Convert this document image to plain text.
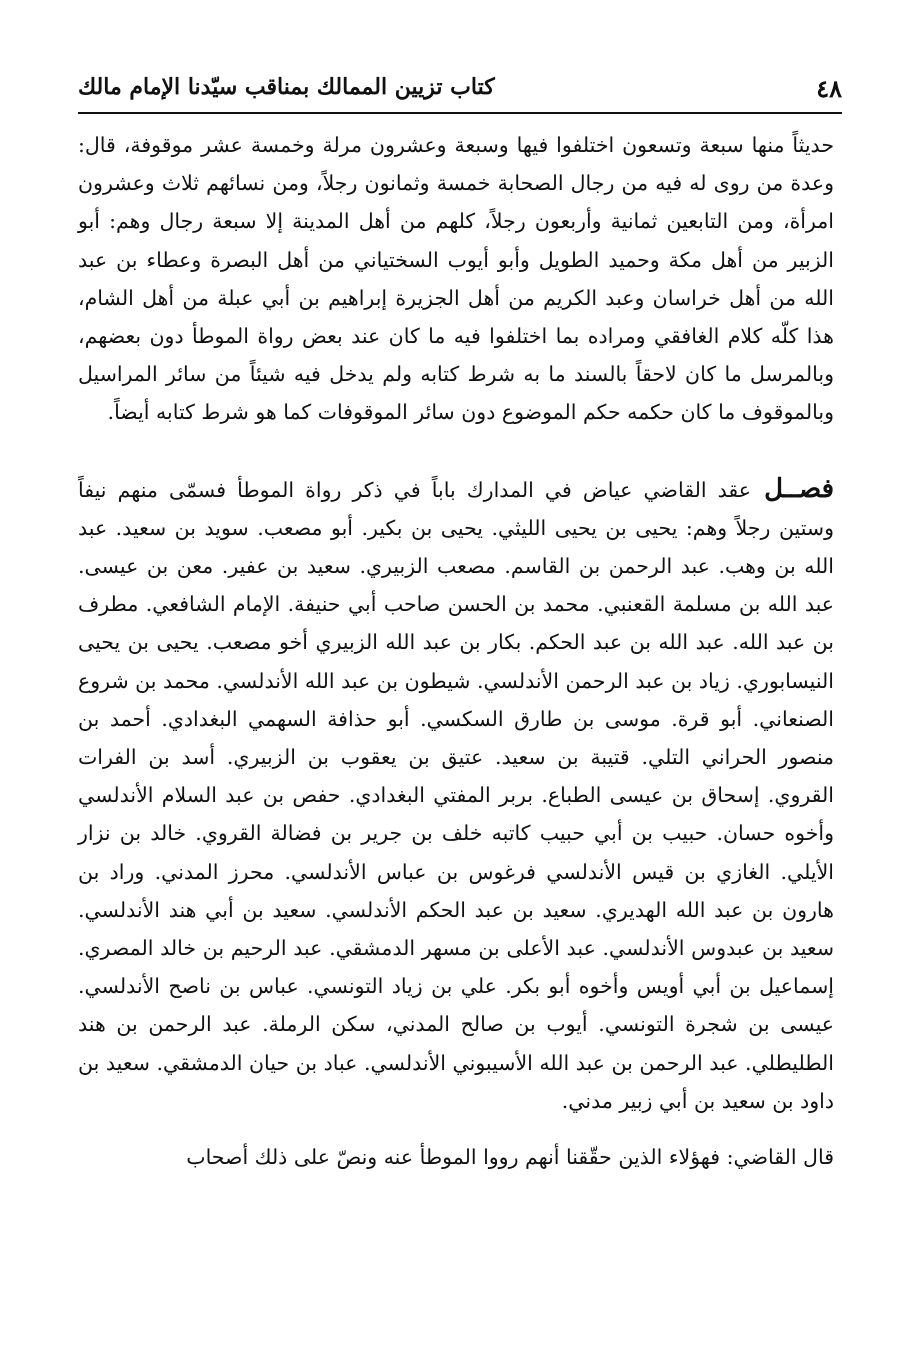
٤٨
كتاب تزيين الممالك بمناقب سيّدنا الإمام مالك

حديثاً منها سبعة وتسعون اختلفوا فيها وسبعة وعشرون مرلة وخمسة عشر موقوفة، قال: وعدة من روى له فيه من رجال الصحابة خمسة وثمانون رجلاً، ومن نسائهم ثلاث وعشرون امرأة، ومن التابعين ثمانية وأربعون رجلاً، كلهم من أهل المدينة إلا سبعة رجال وهم: أبو الزبير من أهل مكة وحميد الطويل وأبو أيوب السختياني من أهل البصرة وعطاء بن عبد الله من أهل خراسان وعبد الكريم من أهل الجزيرة إبراهيم بن أبي عبلة من أهل الشام، هذا كلّه كلام الغافقي ومراده بما اختلفوا فيه ما كان عند بعض رواة الموطأ دون بعضهم، وبالمرسل ما كان لاحقاً بالسند ما به شرط كتابه ولم يدخل فيه شيئاً من سائر المراسيل وبالموقوف ما كان حكمه حكم الموضوع دون سائر الموقوفات كما هو شرط كتابه أيضاً.

فصــل عقد القاضي عياض في المدارك باباً في ذكر رواة الموطأ فسمّى منهم نيفاً وستين رجلاً وهم: يحيى بن يحيى الليثي. يحيى بن بكير. أبو مصعب. سويد بن سعيد. عبد الله بن وهب. عبد الرحمن بن القاسم. مصعب الزبيري. سعيد بن عفير. معن بن عيسى. عبد الله بن مسلمة القعنبي. محمد بن الحسن صاحب أبي حنيفة. الإمام الشافعي. مطرف بن عبد الله. عبد الله بن عبد الحكم. بكار بن عبد الله الزبيري أخو مصعب. يحيى بن يحيى النيسابوري. زياد بن عبد الرحمن الأندلسي. شيطون بن عبد الله الأندلسي. محمد بن شروع الصنعاني. أبو قرة. موسى بن طارق السكسي. أبو حذافة السهمي البغدادي. أحمد بن منصور الحراني التلي. قتيبة بن سعيد. عتيق بن يعقوب بن الزبيري. أسد بن الفرات القروي. إسحاق بن عيسى الطباع. بربر المفتي البغدادي. حفص بن عبد السلام الأندلسي وأخوه حسان. حبيب بن أبي حبيب كاتبه خلف بن جرير بن فضالة القروي. خالد بن نزار الأيلي. الغازي بن قيس الأندلسي فرغوس بن عباس الأندلسي. محرز المدني. وراد بن هارون بن عبد الله الهديري. سعيد بن عبد الحكم الأندلسي. سعيد بن أبي هند الأندلسي. سعيد بن عبدوس الأندلسي. عبد الأعلى بن مسهر الدمشقي. عبد الرحيم بن خالد المصري. إسماعيل بن أبي أويس وأخوه أبو بكر. علي بن زياد التونسي. عباس بن ناصح الأندلسي. عيسى بن شجرة التونسي. أيوب بن صالح المدني، سكن الرملة. عبد الرحمن بن هند الطليطلي. عبد الرحمن بن عبد الله الأسيبوني الأندلسي. عباد بن حيان الدمشقي. سعيد بن داود بن سعيد بن أبي زبير مدني.

قال القاضي: فهؤلاء الذين حقّقنا أنهم رووا الموطأ عنه ونصّ على ذلك أصحاب
